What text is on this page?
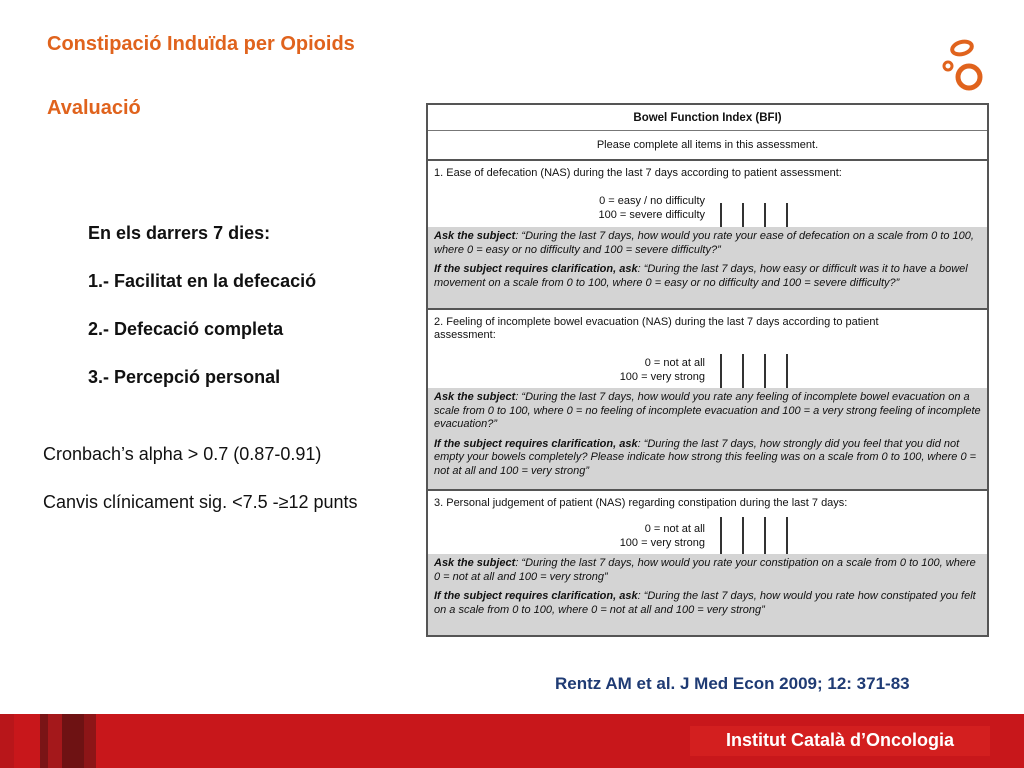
Constipació Induïda per Opioids
Avaluació
En els darrers 7 dies:
1.- Facilitat en la defecació
2.- Defecació completa
3.- Percepció personal
Cronbach’s alpha > 0.7 (0.87-0.91)
Canvis clínicament sig. <7.5 -≥12 punts
Bowel Function Index (BFI)
Please complete all items in this assessment.
1. Ease of defecation (NAS) during the last 7 days according to patient assessment:
0 = easy / no difficulty
100 = severe difficulty

Ask the subject: “During the last 7 days, how would you rate your ease of defecation on a scale from 0 to 100, where 0 = easy or no difficulty and 100 = severe difficulty?”

If the subject requires clarification, ask: “During the last 7 days, how easy or difficult was it to have a bowel movement on a scale from 0 to 100, where 0 = easy or no difficulty and 100 = severe difficulty?”

2. Feeling of incomplete bowel evacuation (NAS) during the last 7 days according to patient assessment:
0 = not at all
100 = very strong

Ask the subject: “During the last 7 days, how would you rate any feeling of incomplete bowel evacuation on a scale from 0 to 100, where 0 = no feeling of incomplete evacuation and 100 = a very strong feeling of incomplete evacuation?”

If the subject requires clarification, ask: “During the last 7 days, how strongly did you feel that you did not empty your bowels completely? Please indicate how strong this feeling was on a scale from 0 to 100, where 0 = not at all and 100 = very strong”

3. Personal judgement of patient (NAS) regarding constipation during the last 7 days:
0 = not at all
100 = very strong

Ask the subject: “During the last 7 days, how would you rate your constipation on a scale from 0 to 100, where 0 = not at all and 100 = very strong”

If the subject requires clarification, ask: “During the last 7 days, how would you rate how constipated you felt on a scale from 0 to 100, where 0 = not at all and 100 = very strong”

Rentz AM et al. J Med Econ 2009; 12: 371-83
Institut Català d’Oncologia
